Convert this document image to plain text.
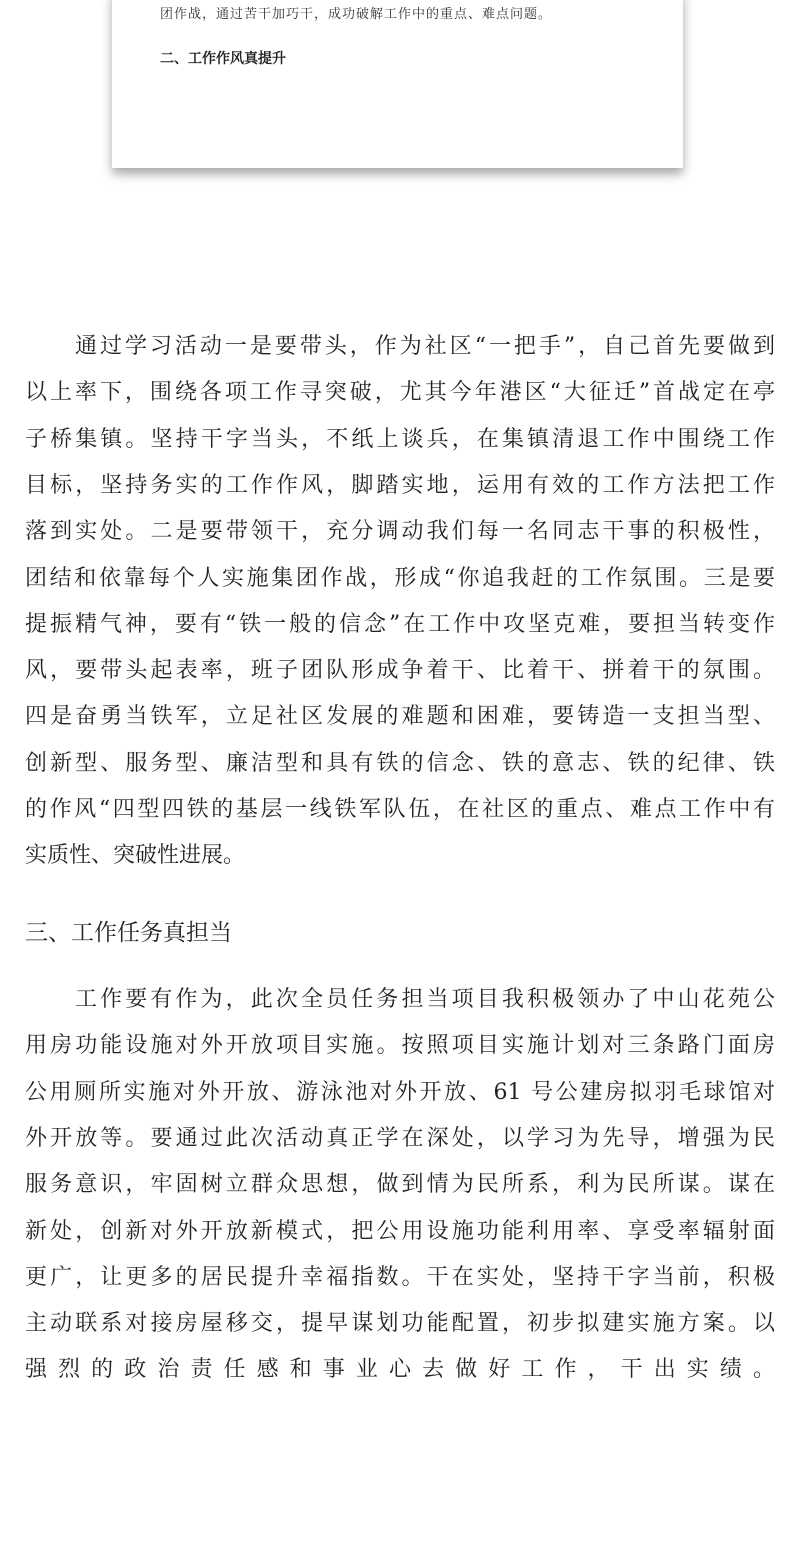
团作战，通过苦干加巧干，成功破解工作中的重点、难点问题。
二、工作作风真提升
通过学习活动一是要带头，作为社区“一把手”，自己首先要做到
以上率下，围绕各项工作寻突破，尤其今年港区“大征迁”首战定在亭
子桥集镇。坚持干字当头，不纸上谈兵，在集镇清退工作中围绕工作
目标，坚持务实的工作作风，脚踏实地，运用有效的工作方法把工作
落到实处。二是要带领干，充分调动我们每一名同志干事的积极性，
团结和依靠每个人实施集团作战，形成“你追我赶的工作氛围。三是要
提振精气神，要有“铁一般的信念”在工作中攻坚克难，要担当转变作
风，要带头起表率，班子团队形成争着干、比着干、拼着干的氛围。
四是奋勇当铁军，立足社区发展的难题和困难，要铸造一支担当型、
创新型、服务型、廉洁型和具有铁的信念、铁的意志、铁的纪律、铁
的作风“四型四铁的基层一线铁军队伍，在社区的重点、难点工作中有
实质性、突破性进展。
三、工作任务真担当
工作要有作为，此次全员任务担当项目我积极领办了中山花苑公
用房功能设施对外开放项目实施。按照项目实施计划对三条路门面房
公用厕所实施对外开放、游泳池对外开放、61 号公建房拟羽毛球馆对
外开放等。要通过此次活动真正学在深处，以学习为先导，增强为民
服务意识，牢固树立群众思想，做到情为民所系，利为民所谋。谋在
新处，创新对外开放新模式，把公用设施功能利用率、享受率辐射面
更广，让更多的居民提升幸福指数。干在实处，坚持干字当前，积极
主动联系对接房屋移交，提早谋划功能配置，初步拟建实施方案。以
强烈的政治责任感和事业心去做好工作，干出实绩。
